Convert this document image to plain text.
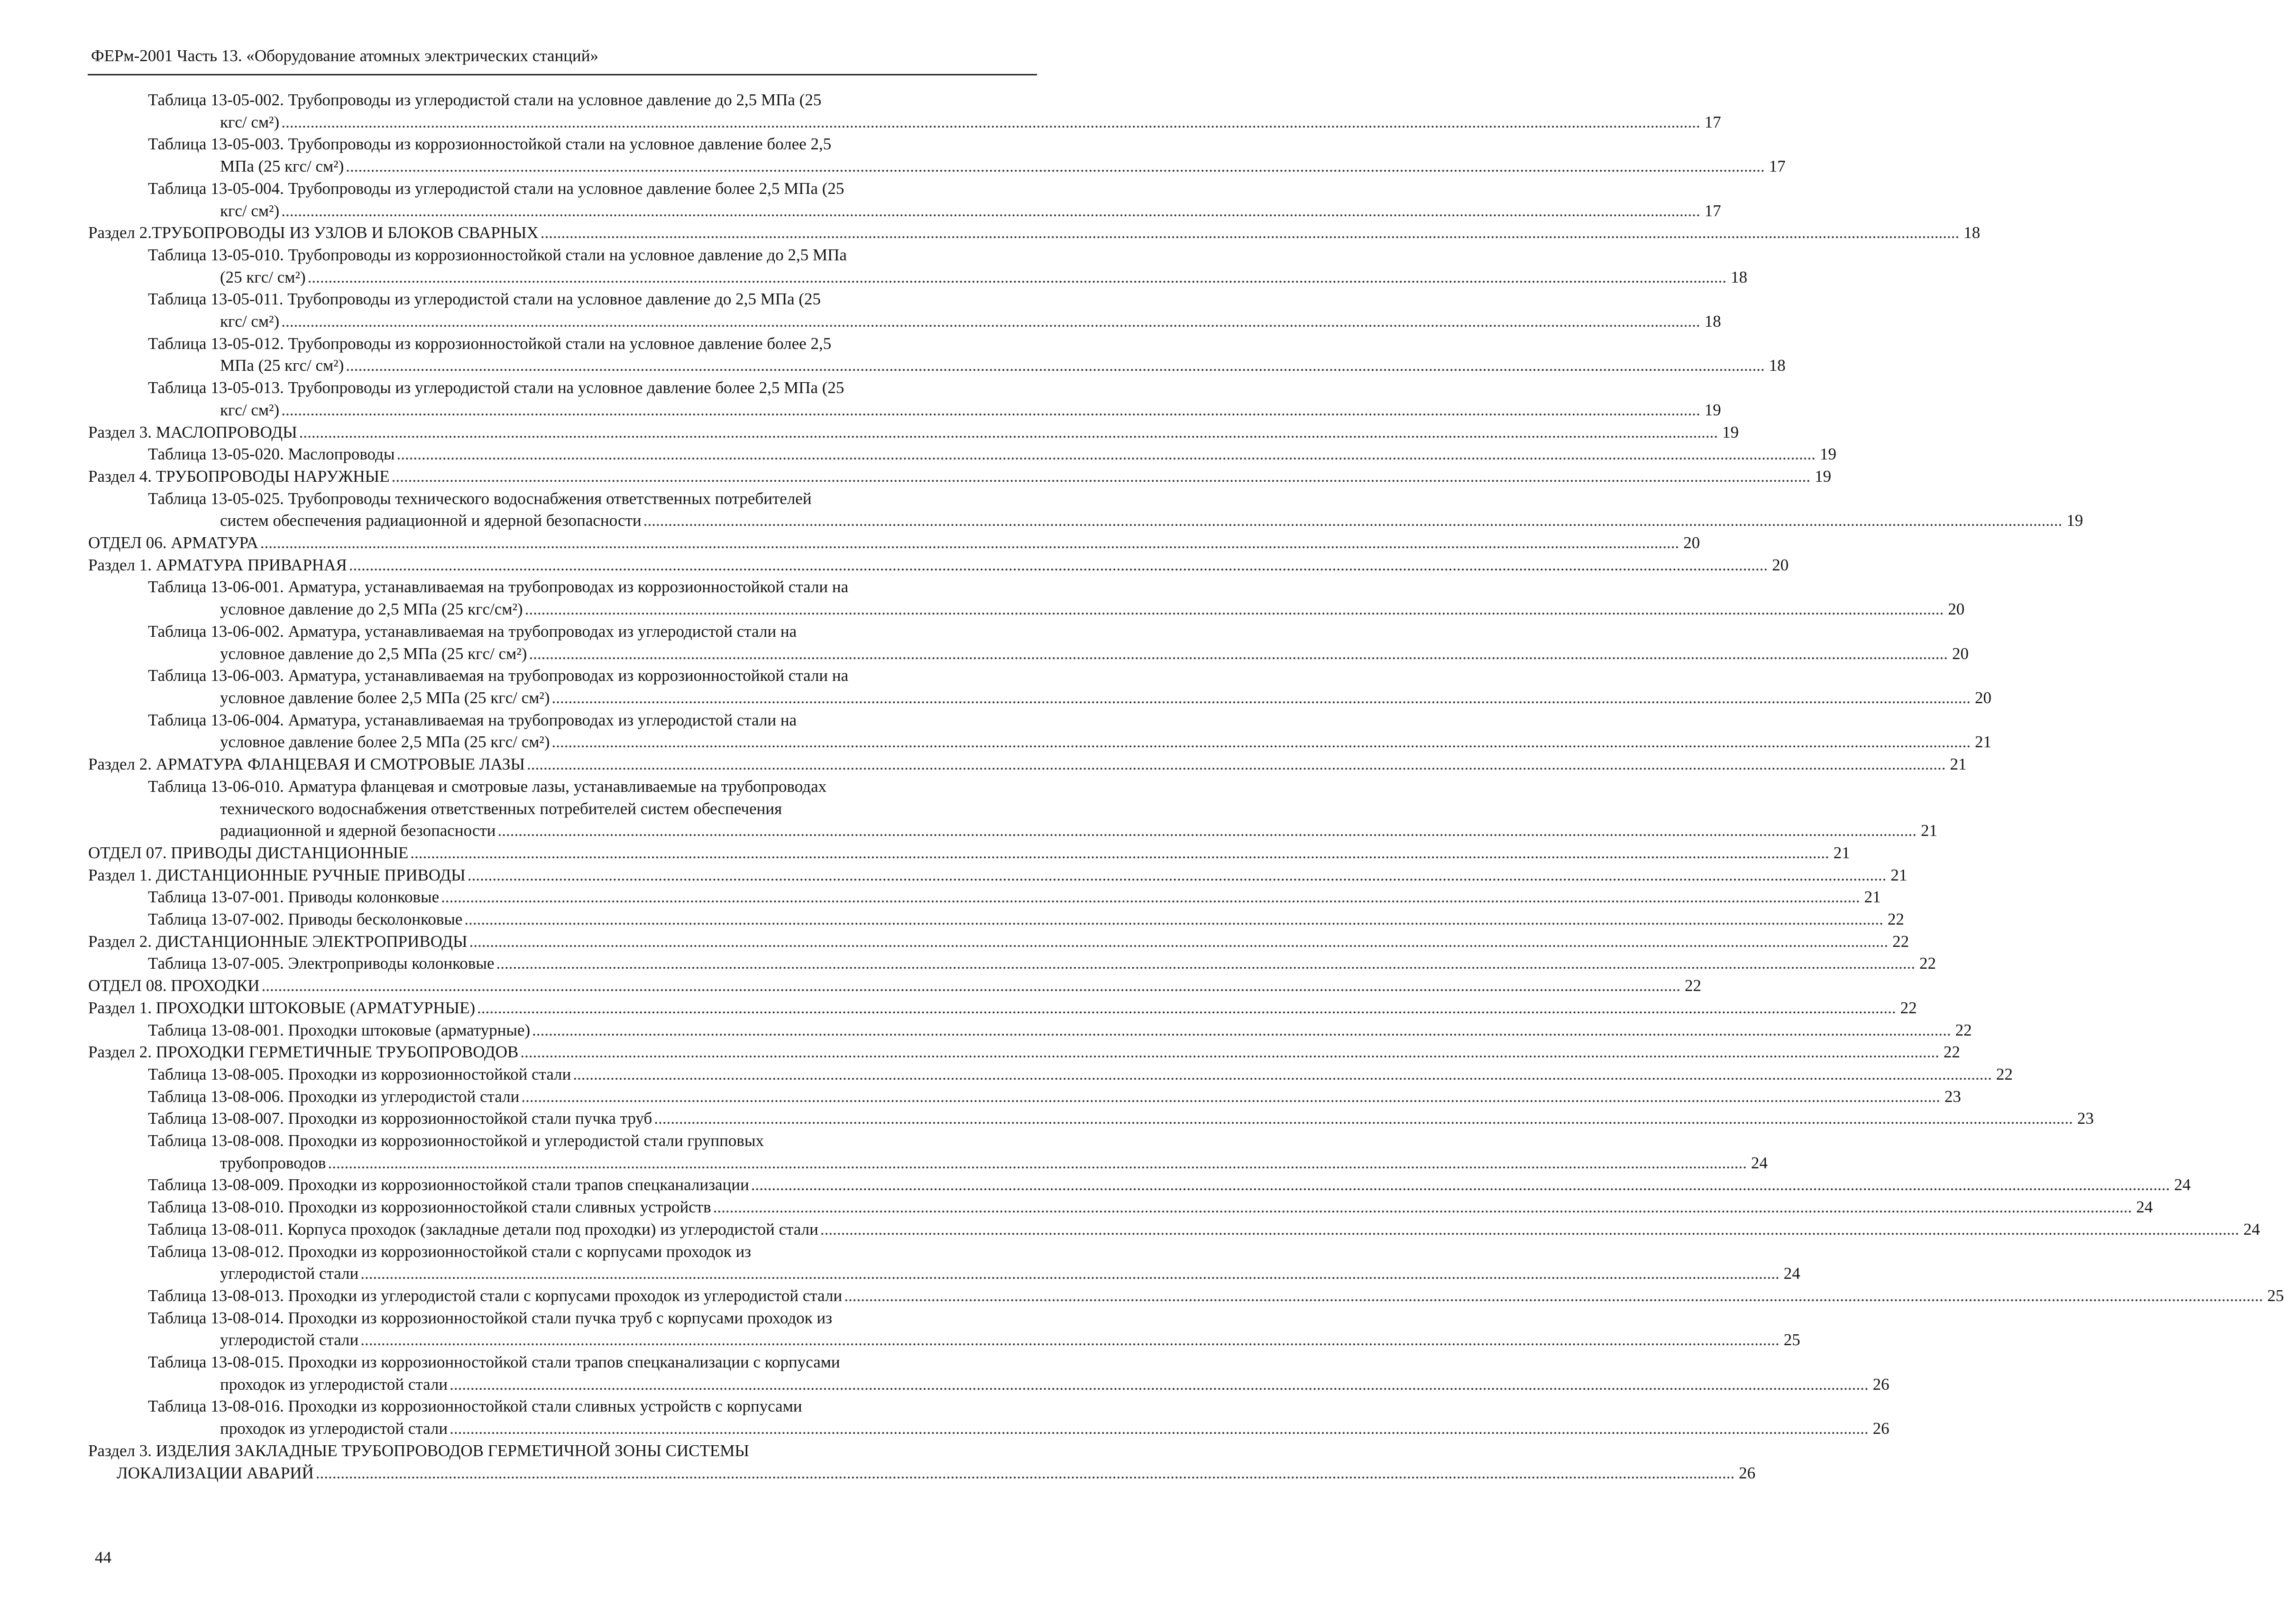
ФЕРм-2001 Часть 13. «Оборудование атомных электрических станций»
Таблица 13-05-002. Трубопроводы из углеродистой стали на условное давление до 2,5 МПа (25
кгс/ см²) ...................................................................................................................................................................................................................................................................................................................................................... 17
Таблица 13-05-003. Трубопроводы из коррозионностойкой стали на условное давление более 2,5
МПа (25 кгс/ см²) ...................................................................................................................................................................................................................................................................................................................................................... 17
Таблица 13-05-004. Трубопроводы из углеродистой стали на условное давление более 2,5 МПа (25
кгс/ см²) ...................................................................................................................................................................................................................................................................................................................................................... 17
Раздел 2.ТРУБОПРОВОДЫ ИЗ УЗЛОВ И БЛОКОВ СВАРНЫХ ...................................................................................................................................................................................................................................................................................................................................................... 18
Таблица 13-05-010. Трубопроводы из коррозионностойкой стали на условное давление до 2,5 МПа
(25 кгс/ см²) ...................................................................................................................................................................................................................................................................................................................................................... 18
Таблица 13-05-011. Трубопроводы из углеродистой стали на условное давление до 2,5 МПа (25
кгс/ см²) ...................................................................................................................................................................................................................................................................................................................................................... 18
Таблица 13-05-012. Трубопроводы из коррозионностойкой стали на условное давление более 2,5
МПа (25 кгс/ см²) ...................................................................................................................................................................................................................................................................................................................................................... 18
Таблица 13-05-013. Трубопроводы из углеродистой стали на условное давление более 2,5 МПа (25
кгс/ см²) ...................................................................................................................................................................................................................................................................................................................................................... 19
Раздел 3. МАСЛОПРОВОДЫ ...................................................................................................................................................................................................................................................................................................................................................... 19
Таблица 13-05-020. Маслопроводы ...................................................................................................................................................................................................................................................................................................................................................... 19
Раздел 4. ТРУБОПРОВОДЫ НАРУЖНЫЕ ...................................................................................................................................................................................................................................................................................................................................................... 19
Таблица 13-05-025. Трубопроводы технического водоснабжения ответственных потребителей
систем обеспечения радиационной и ядерной безопасности ...................................................................................................................................................................................................................................................................................................................................................... 19
ОТДЕЛ 06. АРМАТУРА ...................................................................................................................................................................................................................................................................................................................................................... 20
Раздел 1. АРМАТУРА ПРИВАРНАЯ ...................................................................................................................................................................................................................................................................................................................................................... 20
Таблица 13-06-001. Арматура, устанавливаемая на трубопроводах из коррозионностойкой стали на
условное давление до 2,5 МПа (25 кгс/см²) ...................................................................................................................................................................................................................................................................................................................................................... 20
Таблица 13-06-002. Арматура, устанавливаемая на трубопроводах из углеродистой стали на
условное давление до 2,5 МПа (25 кгс/ см²) ...................................................................................................................................................................................................................................................................................................................................................... 20
Таблица 13-06-003. Арматура, устанавливаемая на трубопроводах из коррозионностойкой стали на
условное давление более 2,5 МПа (25 кгс/ см²) ...................................................................................................................................................................................................................................................................................................................................................... 20
Таблица 13-06-004. Арматура, устанавливаемая на трубопроводах из углеродистой стали на
условное давление более 2,5 МПа (25 кгс/ см²) ...................................................................................................................................................................................................................................................................................................................................................... 21
Раздел 2. АРМАТУРА ФЛАНЦЕВАЯ И СМОТРОВЫЕ ЛАЗЫ ...................................................................................................................................................................................................................................................................................................................................................... 21
Таблица 13-06-010. Арматура фланцевая и смотровые лазы, устанавливаемые на трубопроводах
технического водоснабжения ответственных потребителей систем обеспечения
радиационной и ядерной безопасности ...................................................................................................................................................................................................................................................................................................................................................... 21
ОТДЕЛ 07. ПРИВОДЫ ДИСТАНЦИОННЫЕ ...................................................................................................................................................................................................................................................................................................................................................... 21
Раздел 1. ДИСТАНЦИОННЫЕ РУЧНЫЕ ПРИВОДЫ ...................................................................................................................................................................................................................................................................................................................................................... 21
Таблица 13-07-001. Приводы колонковые ...................................................................................................................................................................................................................................................................................................................................................... 21
Таблица 13-07-002. Приводы бесколонковые ...................................................................................................................................................................................................................................................................................................................................................... 22
Раздел 2. ДИСТАНЦИОННЫЕ ЭЛЕКТРОПРИВОДЫ ...................................................................................................................................................................................................................................................................................................................................................... 22
Таблица 13-07-005. Электроприводы колонковые ...................................................................................................................................................................................................................................................................................................................................................... 22
ОТДЕЛ 08. ПРОХОДКИ ...................................................................................................................................................................................................................................................................................................................................................... 22
Раздел 1. ПРОХОДКИ ШТОКОВЫЕ (АРМАТУРНЫЕ) ...................................................................................................................................................................................................................................................................................................................................................... 22
Таблица 13-08-001. Проходки штоковые (арматурные) ...................................................................................................................................................................................................................................................................................................................................................... 22
Раздел 2. ПРОХОДКИ ГЕРМЕТИЧНЫЕ ТРУБОПРОВОДОВ ...................................................................................................................................................................................................................................................................................................................................................... 22
Таблица 13-08-005. Проходки из коррозионностойкой стали ...................................................................................................................................................................................................................................................................................................................................................... 22
Таблица 13-08-006. Проходки из углеродистой стали ...................................................................................................................................................................................................................................................................................................................................................... 23
Таблица 13-08-007. Проходки из коррозионностойкой стали пучка труб ...................................................................................................................................................................................................................................................................................................................................................... 23
Таблица 13-08-008. Проходки из коррозионностойкой и углеродистой стали групповых
трубопроводов ...................................................................................................................................................................................................................................................................................................................................................... 24
Таблица 13-08-009. Проходки из коррозионностойкой стали трапов спецканализации ...................................................................................................................................................................................................................................................................................................................................................... 24
Таблица 13-08-010. Проходки из коррозионностойкой стали сливных устройств ...................................................................................................................................................................................................................................................................................................................................................... 24
Таблица 13-08-011. Корпуса проходок (закладные детали под проходки) из углеродистой стали ...................................................................................................................................................................................................................................................................................................................................................... 24
Таблица 13-08-012. Проходки из коррозионностойкой стали с корпусами проходок из
углеродистой стали ...................................................................................................................................................................................................................................................................................................................................................... 24
Таблица 13-08-013. Проходки из углеродистой стали с корпусами проходок из углеродистой стали ...................................................................................................................................................................................................................................................................................................................................................... 25
Таблица 13-08-014. Проходки из коррозионностойкой стали пучка труб с корпусами проходок из
углеродистой стали ...................................................................................................................................................................................................................................................................................................................................................... 25
Таблица 13-08-015. Проходки из коррозионностойкой стали трапов спецканализации с корпусами
проходок из углеродистой стали ...................................................................................................................................................................................................................................................................................................................................................... 26
Таблица 13-08-016. Проходки из коррозионностойкой стали сливных устройств с корпусами
проходок из углеродистой стали ...................................................................................................................................................................................................................................................................................................................................................... 26
Раздел 3. ИЗДЕЛИЯ ЗАКЛАДНЫЕ ТРУБОПРОВОДОВ ГЕРМЕТИЧНОЙ ЗОНЫ СИСТЕМЫ
ЛОКАЛИЗАЦИИ АВАРИЙ ...................................................................................................................................................................................................................................................................................................................................................... 26
44
